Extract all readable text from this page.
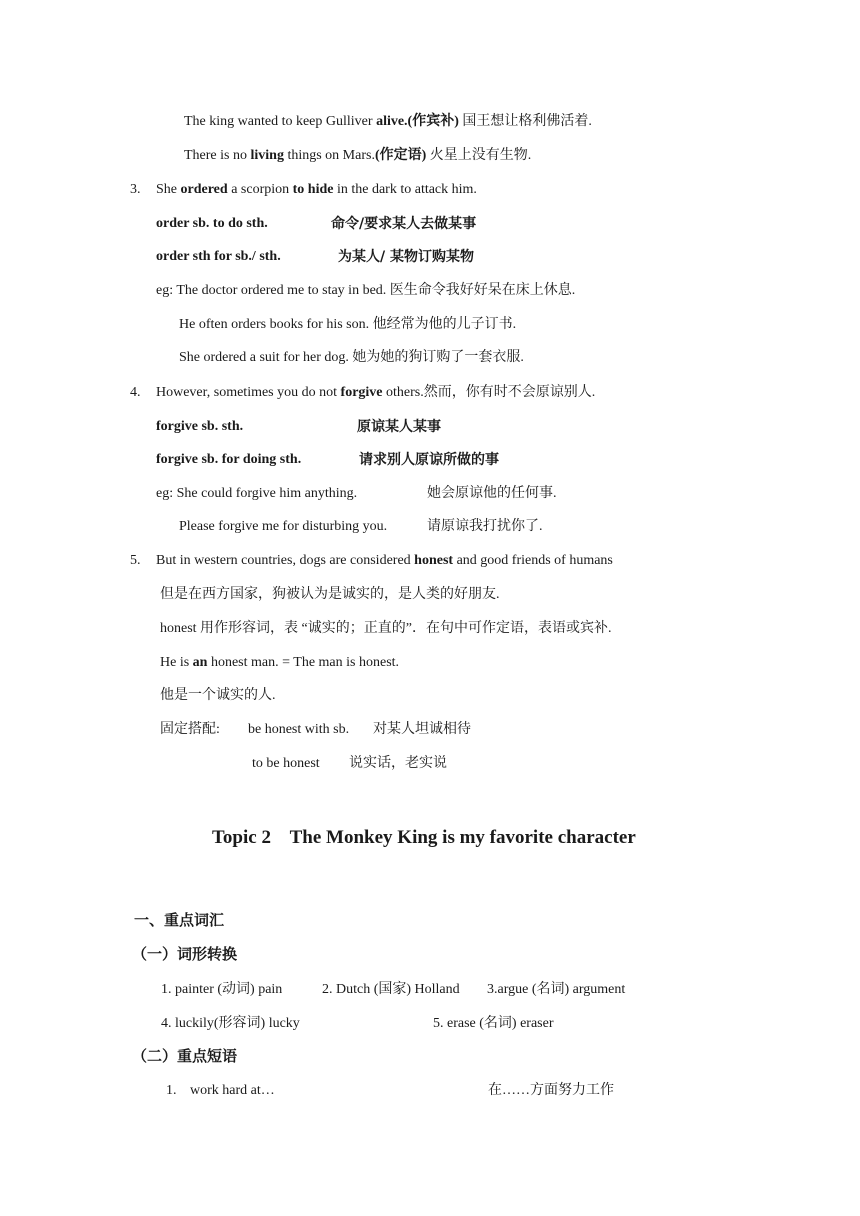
The king wanted to keep Gulliver alive.(作宾补) 国王想让格利佛活着.
There is no living things on Mars.(作定语) 火星上没有生物.
3. She ordered a scorpion to hide in the dark to attack him.
order sb. to do sth.	命令/要求某人去做某事
order sth for sb./ sth.	为某人/ 某物订购某物
eg: The doctor ordered me to stay in bed. 医生命令我好好呆在床上休息.
He often orders books for his son. 他经常为他的儿子订书.
She ordered a suit for her dog. 她为她的狗订购了一套衣服.
4. However, sometimes you do not forgive others.然而，你有时不会原谅别人.
forgive sb. sth.	原谅某人某事
forgive sb. for doing sth.	请求别人原谅所做的事
eg: She could forgive him anything.	她会原谅他的任何事.
Please forgive me for disturbing you.	请原谅我打扰你了.
5. But in western countries, dogs are considered honest and good friends of humans
但是在西方国家，狗被认为是诚实的，是人类的好朋友.
honest 用作形容词，表 “诚实的；正直的”．在句中可作定语，表语或宾补.
He is an honest man. = The man is honest.
他是一个诚实的人.
固定搭配: be honest with sb. 对某人坦诚相待
to be honest 说实话，老实说
Topic 2    The Monkey King is my favorite character
一、重点词汇
（一）词形转换
1. painter (动词) pain	2. Dutch (国家) Holland 3.argue (名词) argument
4. luckily(形容词) lucky	5. erase (名词) eraser
（二）重点短语
1. work hard at…	在……方面努力工作
